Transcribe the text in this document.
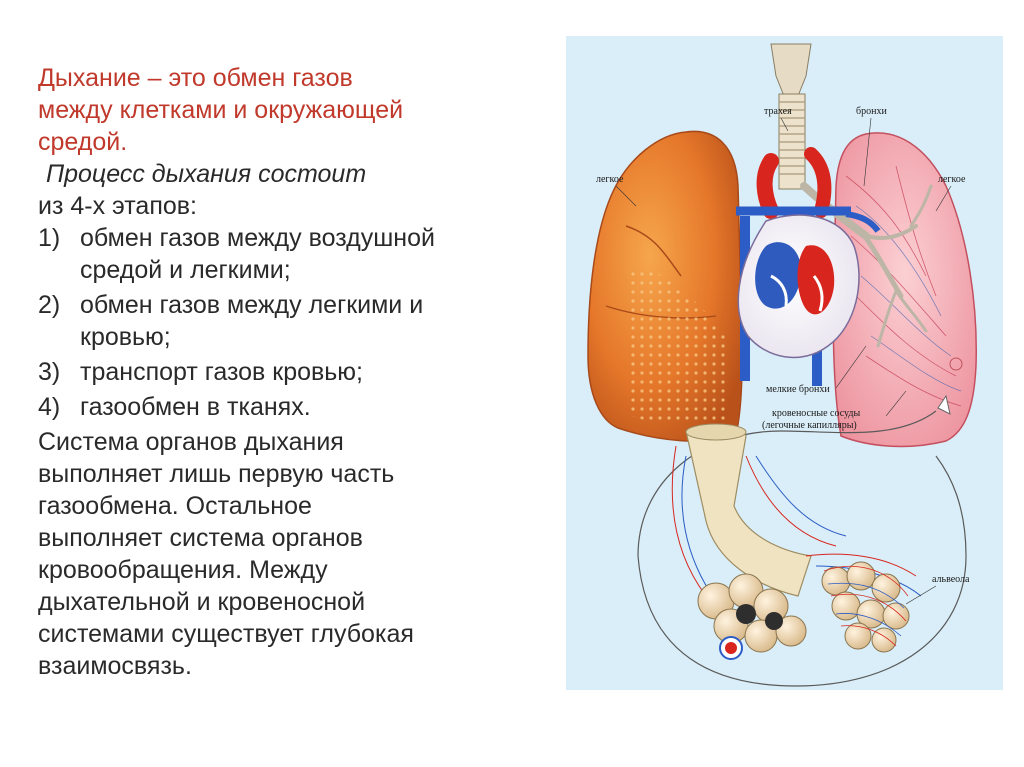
Дыхание – это обмен газов
между клетками и окружающей
средой.
Процесс дыхания состоит
из 4-х этапов:
1) обмен газов между воздушной
средой и легкими;
2) обмен газов между легкими и
кровью;
3) транспорт газов кровью;
4) газообмен в тканях.
Система органов дыхания
выполняет лишь первую часть
газообмена. Остальное
выполняет система органов
кровообращения. Между
дыхательной и кровеносной
системами существует глубокая
взаимосвязь.
трахея	бронхи
легкое	легкое
мелкие бронхи
кровеносные сосуды
(легочные капилляры)
альвеола
